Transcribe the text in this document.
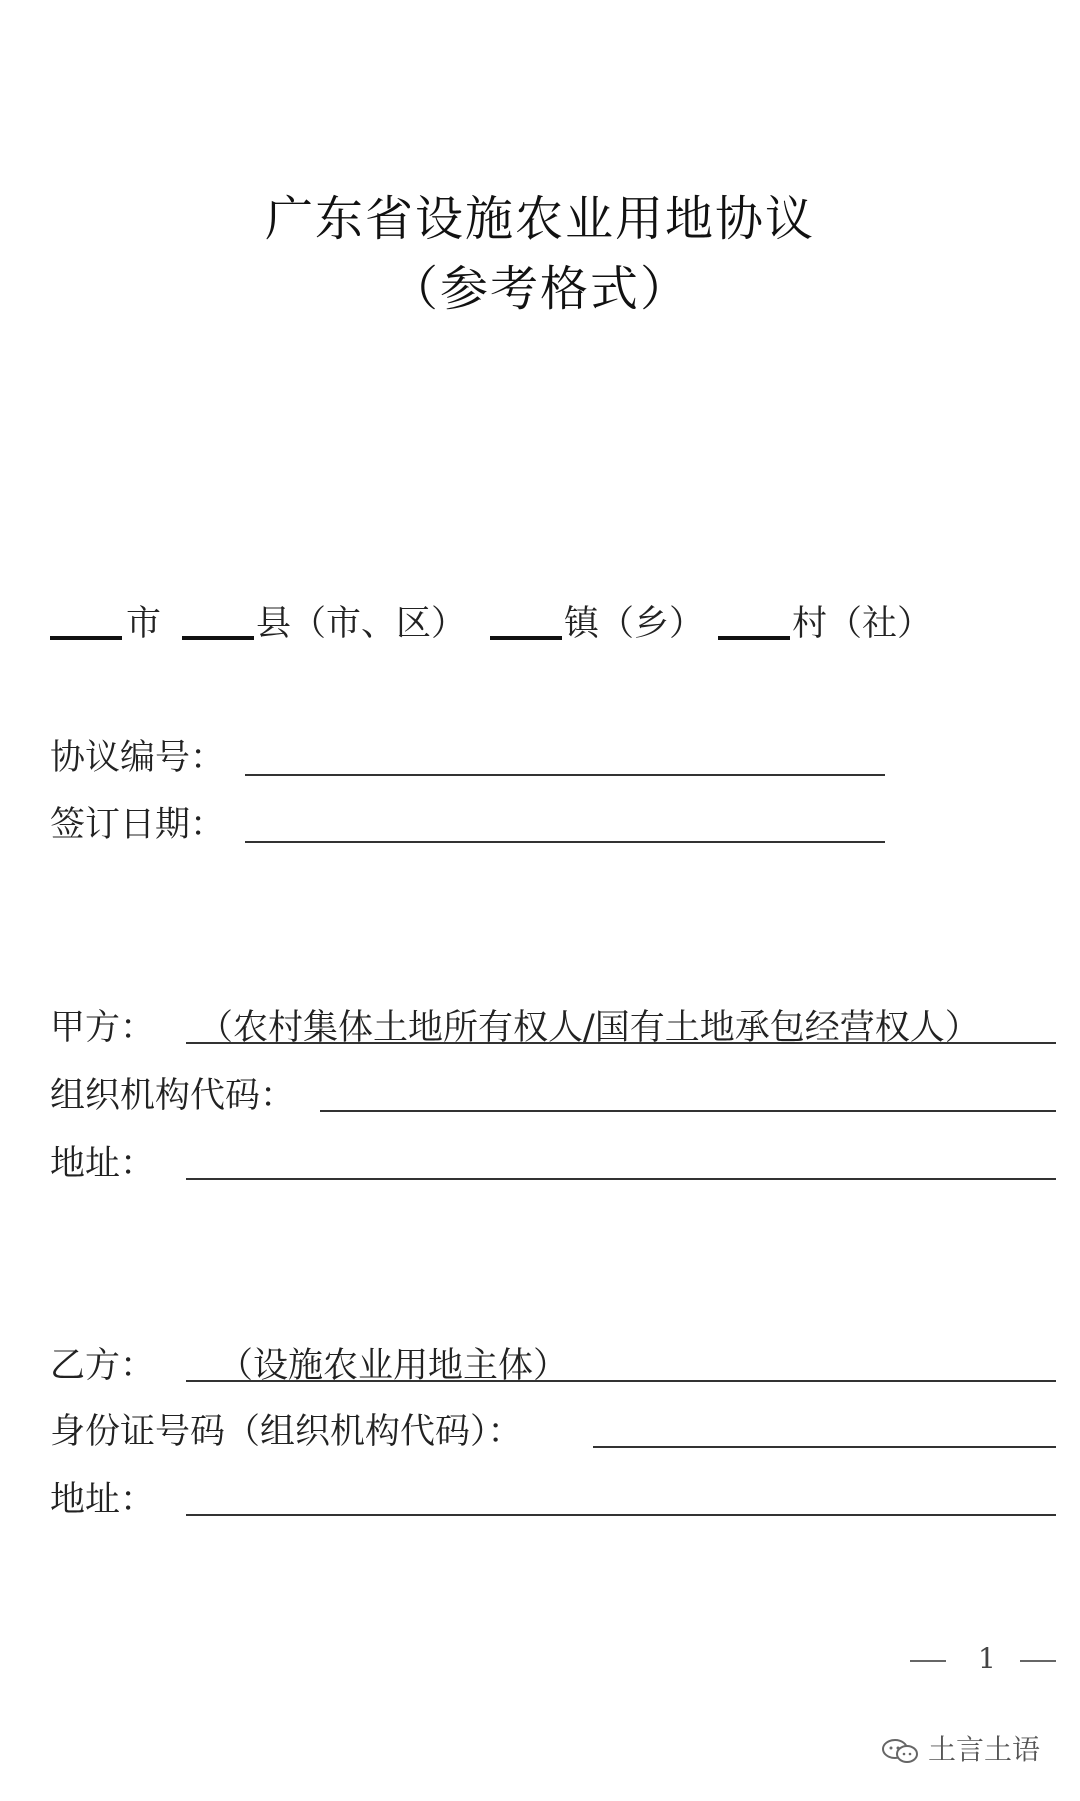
广东省设施农业用地协议
（参考格式）
市	县（市、区）	镇（乡）	村（社）
协议编号：
签订日期：
甲方： （农村集体土地所有权人/国有土地承包经营权人）
组织机构代码：
地址：
乙方： （设施农业用地主体）
身份证号码（组织机构代码）：
地址：
1
土言土语
